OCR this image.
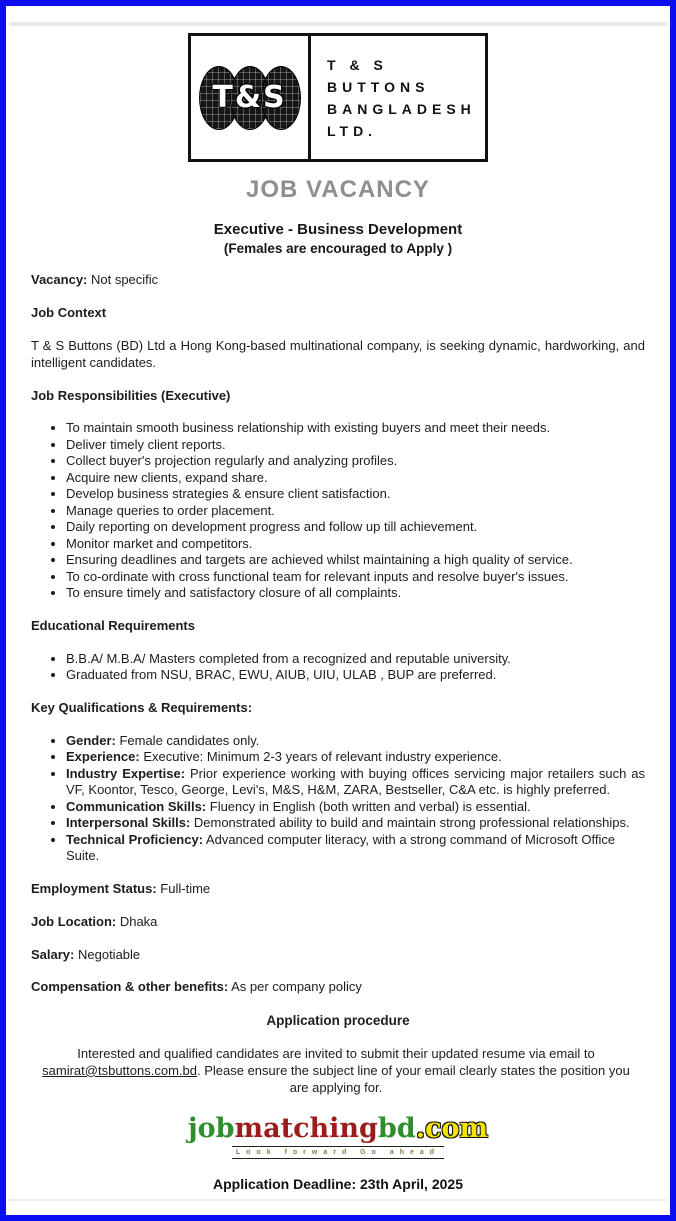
T&S
T & S
BUTTONS
BANGLADESH
LTD.
JOB VACANCY
Executive - Business Development
(Females are encouraged to Apply )

Vacancy: Not specific

Job Context

T & S Buttons (BD) Ltd a Hong Kong-based multinational company, is seeking dynamic, hardworking, and intelligent candidates.

Job Responsibilities (Executive)

• To maintain smooth business relationship with existing buyers and meet their needs.
• Deliver timely client reports.
• Collect buyer's projection regularly and analyzing profiles.
• Acquire new clients, expand share.
• Develop business strategies & ensure client satisfaction.
• Manage queries to order placement.
• Daily reporting on development progress and follow up till achievement.
• Monitor market and competitors.
• Ensuring deadlines and targets are achieved whilst maintaining a high quality of service.
• To co-ordinate with cross functional team for relevant inputs and resolve buyer's issues.
• To ensure timely and satisfactory closure of all complaints.

Educational Requirements

• B.B.A/ M.B.A/ Masters completed from a recognized and reputable university.
• Graduated from NSU, BRAC, EWU, AIUB, UIU, ULAB , BUP are preferred.

Key Qualifications & Requirements:

• Gender: Female candidates only.
• Experience: Executive: Minimum 2-3 years of relevant industry experience.
• Industry Expertise: Prior experience working with buying offices servicing major retailers such as VF, Koontor, Tesco, George, Levi's, M&S, H&M, ZARA, Bestseller, C&A etc. is highly preferred.
• Communication Skills: Fluency in English (both written and verbal) is essential.
• Interpersonal Skills: Demonstrated ability to build and maintain strong professional relationships.
• Technical Proficiency: Advanced computer literacy, with a strong command of Microsoft Office Suite.

Employment Status: Full-time

Job Location: Dhaka

Salary: Negotiable

Compensation & other benefits: As per company policy

Application procedure

Interested and qualified candidates are invited to submit their updated resume via email to samirat@tsbuttons.com.bd. Please ensure the subject line of your email clearly states the position you are applying for.

jobmatchingbd.com
Look forward Go ahead

Application Deadline: 23th April, 2025
